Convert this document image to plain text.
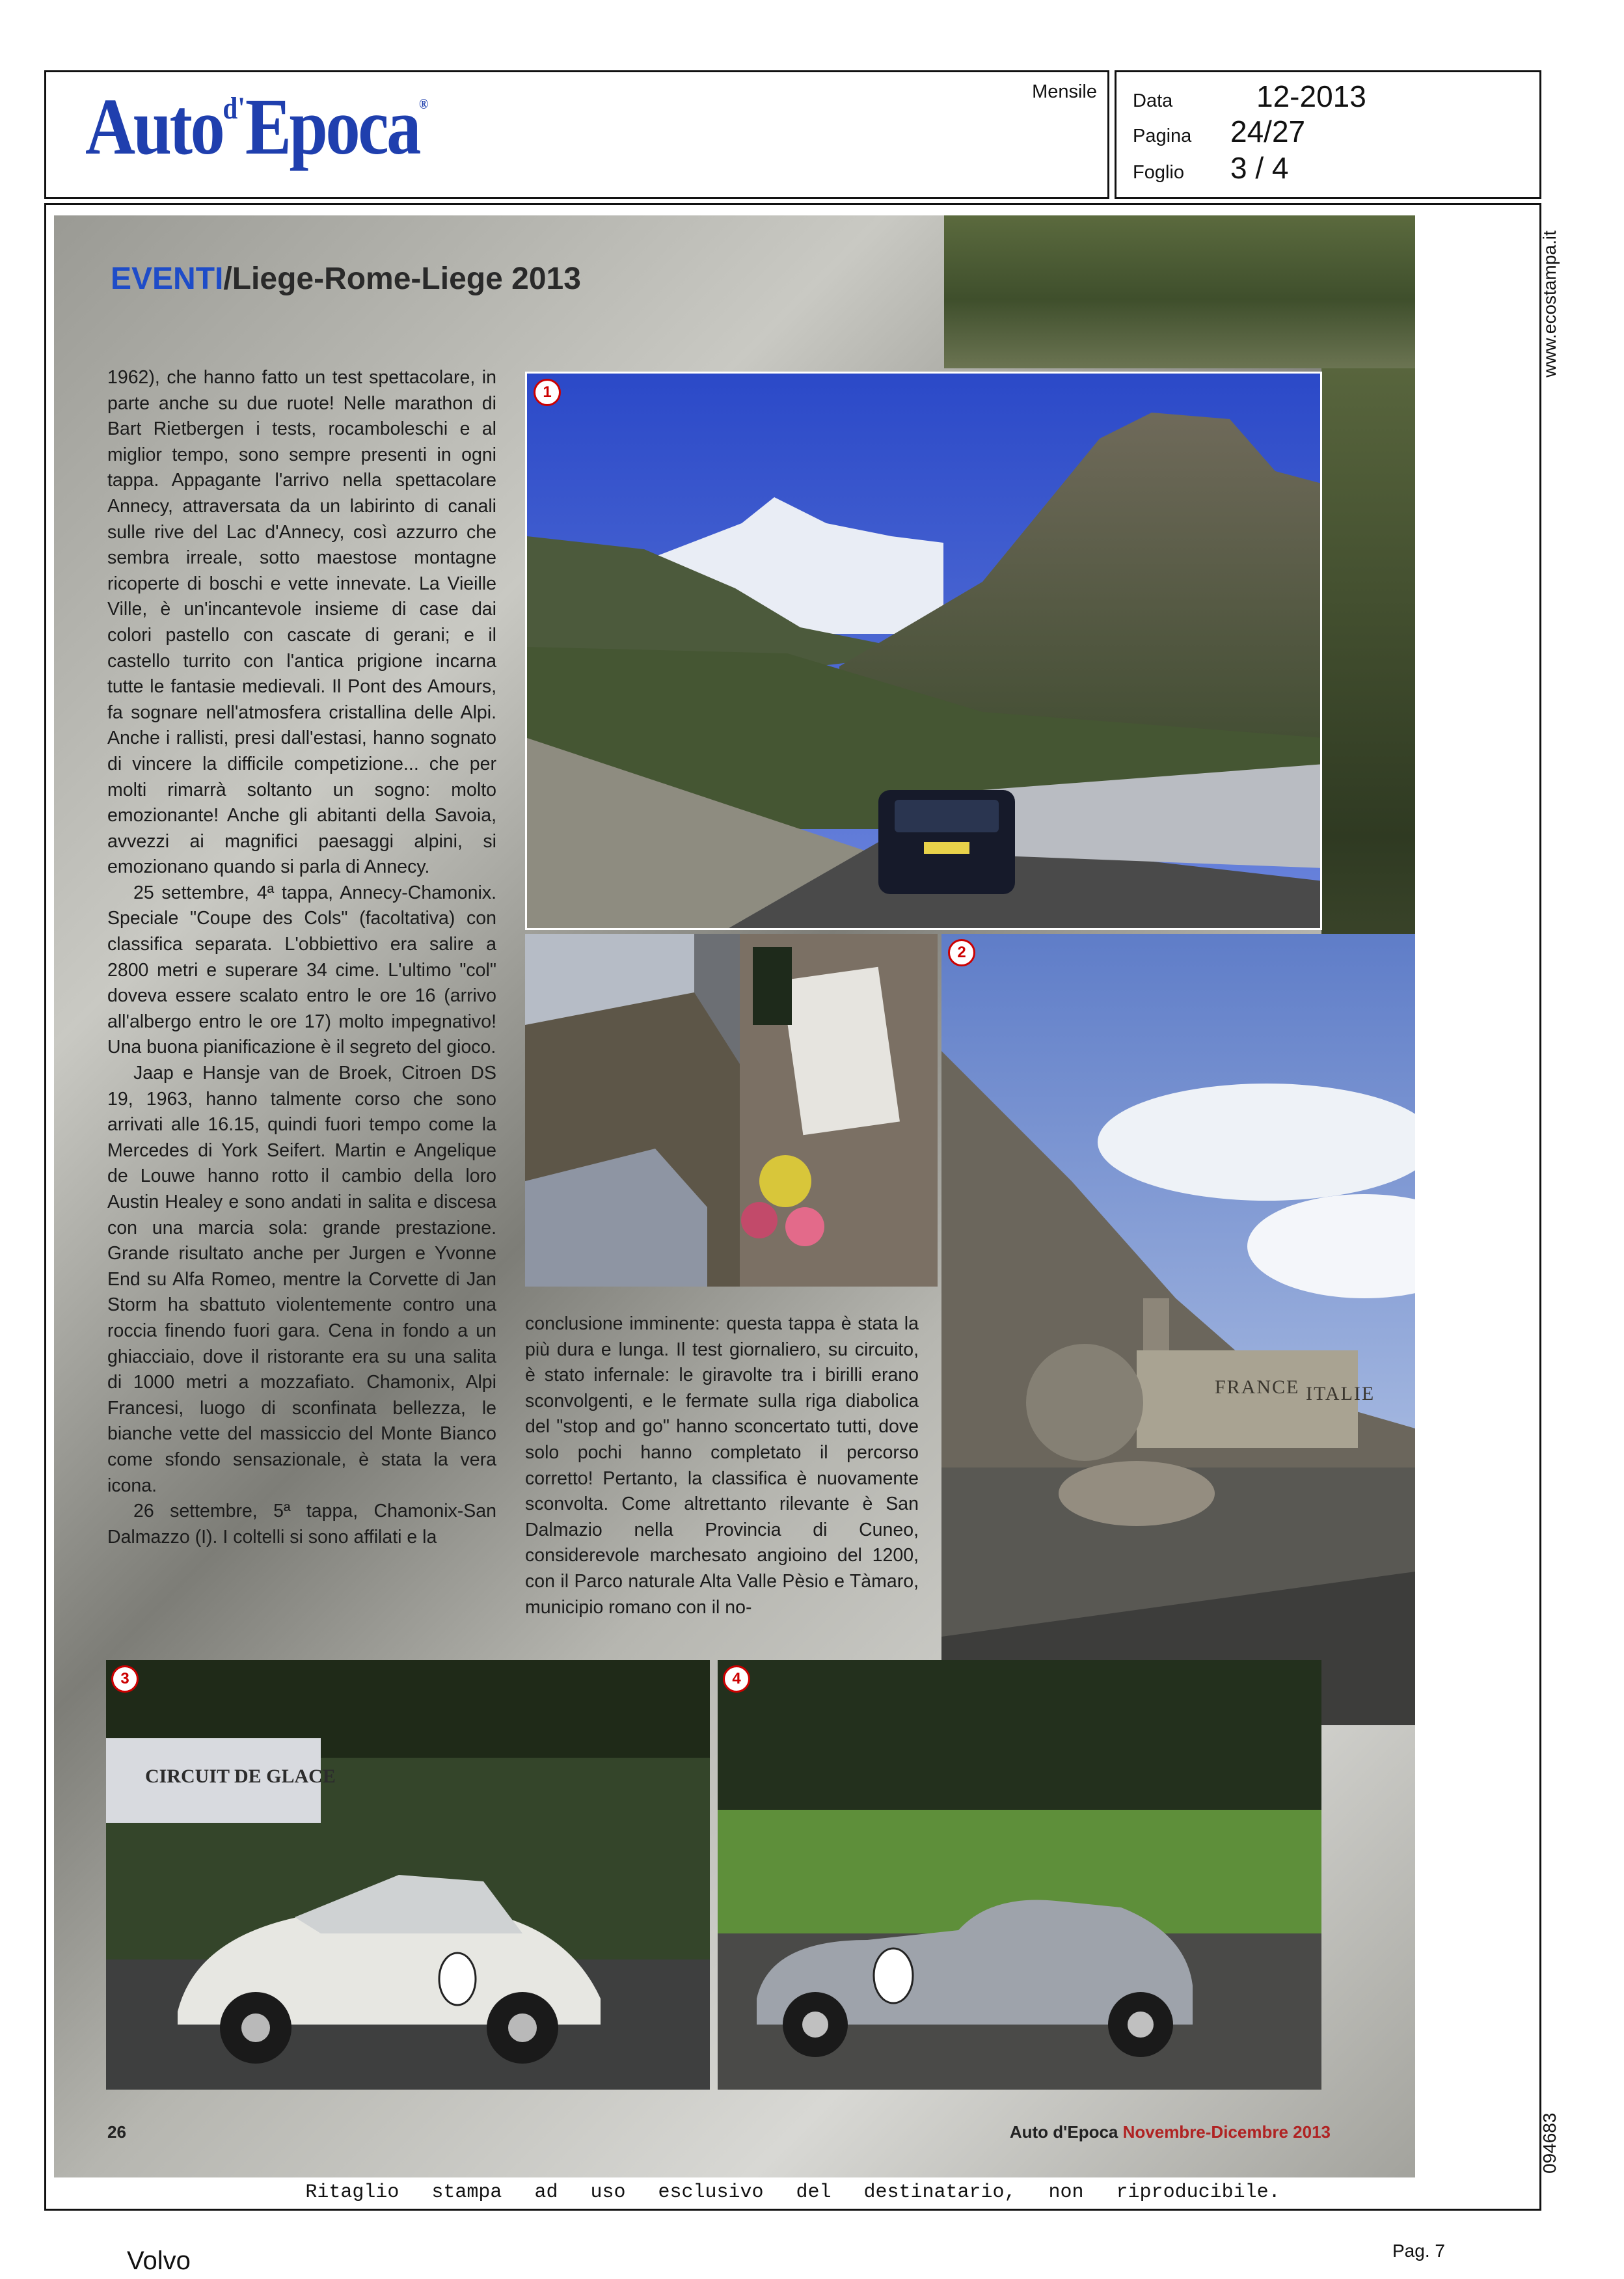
Auto$^{d'}$Epoca®
Mensile Data	12-2013
Pagina 24/27
Foglio 3 / 4
1
FRANCE ITALIE
2
CIRCUIT DE GLACE
3	4
EVENTI/Liege-Rome-Liege 2013

1962), che hanno fatto un test spettacolare, in parte anche su due ruote! Nelle marathon di Bart Rietbergen i tests, rocamboleschi e al miglior tempo, sono sempre presenti in ogni tappa. Appagante l'arrivo nella spettacolare Annecy, attraversata da un labirinto di canali sulle rive del Lac d'Annecy, così azzurro che sembra irreale, sotto maestose montagne ricoperte di boschi e vette innevate. La Vieille Ville, è un'incantevole insieme di case dai colori pastello con cascate di gerani; e il castello turrito con l'antica prigione incarna tutte le fantasie medievali. Il Pont des Amours, fa sognare nell'atmosfera cristallina delle Alpi. Anche i rallisti, presi dall'estasi, hanno sognato di vincere la difficile competizione... che per molti rimarrà soltanto un sogno: molto emozionante! Anche gli abitanti della Savoia, avvezzi ai magnifici paesaggi alpini, si emozionano quando si parla di Annecy.

25 settembre, 4ª tappa, Annecy-Chamonix. Speciale "Coupe des Cols" (facoltativa) con classifica separata. L'obbiettivo era salire a 2800 metri e superare 34 cime. L'ultimo "col" doveva essere scalato entro le ore 16 (arrivo all'albergo entro le ore 17) molto impegnativo! Una buona pianificazione è il segreto del gioco.

Jaap e Hansje van de Broek, Citroen DS 19, 1963, hanno talmente corso che sono arrivati alle 16.15, quindi fuori tempo come la Mercedes di York Seifert. Martin e Angelique de Louwe hanno rotto il cambio della loro Austin Healey e sono andati in salita e discesa con una marcia sola: grande prestazione. Grande risultato anche per Jurgen e Yvonne End su Alfa Romeo, mentre la Corvette di Jan Storm ha sbattuto violentemente contro una roccia finendo fuori gara. Cena in fondo a un ghiacciaio, dove il ristorante era su una salita di 1000 metri a mozzafiato. Chamonix, Alpi Francesi, luogo di sconfinata bellezza, le bianche vette del massiccio del Monte Bianco come sfondo sensazionale, è stata la vera icona.

26 settembre, 5ª tappa, Chamonix-San Dalmazzo (I). I coltelli si sono affilati e la

conclusione imminente: questa tappa è stata la più dura e lunga. Il test giornaliero, su circuito, è stato infernale: le giravolte tra i birilli erano sconvolgenti, e le fermate sulla riga diabolica del "stop and go" hanno sconcertato tutti, dove solo pochi hanno completato il percorso corretto! Pertanto, la classifica è nuovamente sconvolta. Come altrettanto rilevante è San Dalmazio nella Provincia di Cuneo, considerevole marchesato angioino del 1200, con il Parco naturale Alta Valle Pèsio e Tàmaro, municipio romano con il no-

26	Auto d'Epoca Novembre-Dicembre 2013
www.ecostampa.it
094683
Ritaglio stampa ad uso esclusivo del destinatario, non riproducibile.
Volvo	Pag. 7
